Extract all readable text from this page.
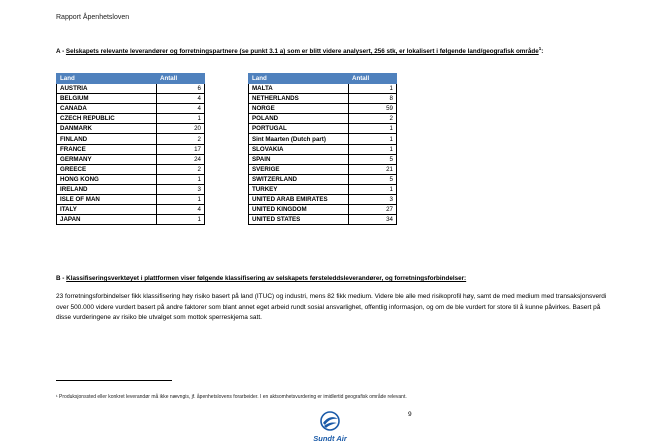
Rapport Åpenhetsloven
A - Selskapets relevante leverandører og forretningspartnere (se punkt 3.1 a) som er blitt videre analysert, 256 stk, er lokalisert i følgende land/geografisk område$^1$:
Land	Antall
AUSTRIA	6
BELGIUM	4
CANADA	4
CZECH REPUBLIC	1
DANMARK	20
FINLAND	2
FRANCE	17
GERMANY	24
GREECE	2
HONG KONG	1
IRELAND	3
ISLE OF MAN	1
ITALY	4
JAPAN	1
Land	Antall
MALTA	1
NETHERLANDS	8
NORGE	59
POLAND	2
PORTUGAL	1
Sint Maarten (Dutch part)	1
SLOVAKIA	1
SPAIN	5
SVERIGE	21
SWITZERLAND	5
TURKEY	1
UNITED ARAB EMIRATES	3
UNITED KINGDOM	27
UNITED STATES	34
B - Klassifiseringsverktøyet i plattformen viser følgende klassifisering av selskapets førsteleddsleverandører, og forretningsforbindelser:
23 forretningsforbindelser fikk klassifisering høy risiko basert på land (ITUC) og industri, mens 82 fikk medium. Videre ble alle med risikoprofil høy, samt de med medium med transaksjonsverdi over 500.000 videre vurdert basert på andre faktorer som blant annet eget arbeid rundt sosial ansvarlighet, offentlig informasjon, og om de ble vurdert for store til å kunne påvirkes. Basert på disse vurderingene av risiko ble utvalget som mottok sperreskjema satt.
¹ Produksjonssted eller konkret leverandør må ikke nævngis, jf. åpenhetslovens forarbeider. I en aktsomhetsvurdering er imidlertid geografisk område relevant.
9
Sundt Air
